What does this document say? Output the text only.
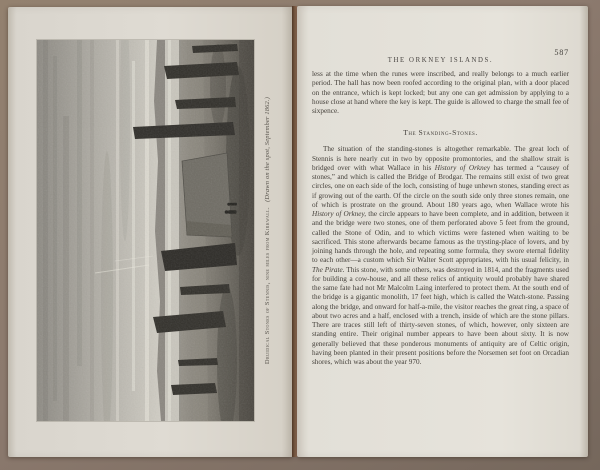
Druidical Stones of Stennis, nine miles from Kirkwall.(Drawn on the spot, September 1862.)
THE ORKNEY ISLANDS.
587

less at the time when the runes were inscribed, and really belongs to a much earlier period. The hall has now been roofed according to the original plan, with a door placed on the entrance, which is kept locked; but any one can get admission by applying to a house close at hand where the key is kept. The guide is allowed to charge the small fee of sixpence.

The Standing-Stones.

The situation of the standing-stones is altogether remarkable. The great loch of Stennis is here nearly cut in two by opposite promontories, and the shallow strait is bridged over with what Wallace in his History of Orkney has termed a “causey of stones,” and which is called the Bridge of Brodgar. The remains still exist of two great circles, one on each side of the loch, consisting of huge unhewn stones, standing erect as if growing out of the earth. Of the circle on the south side only three stones remain, one of which is prostrate on the ground. About 180 years ago, when Wallace wrote his History of Orkney, the circle appears to have been complete, and in addition, between it and the bridge were two stones, one of them perforated above 5 feet from the ground, called the Stone of Odin, and to which victims were fastened when waiting to be sacrificed. This stone afterwards became famous as the trysting-place of lovers, and by joining hands through the hole, and repeating some formula, they swore eternal fidelity to each other—a custom which Sir Walter Scott appropriates, with his usual felicity, in The Pirate. This stone, with some others, was destroyed in 1814, and the fragments used for building a cow-house, and all these relics of antiquity would probably have shared the same fate had not Mr Malcolm Laing interfered to protect them. At the south end of the bridge is a gigantic monolith, 17 feet high, which is called the Watch-stone. Passing along the bridge, and onward for half-a-mile, the visitor reaches the great ring, a space of about two acres and a half, enclosed with a trench, inside of which are the stone pillars. There are traces still left of thirty-seven stones, of which, however, only sixteen are standing entire. Their original number appears to have been about sixty. It is now generally believed that these ponderous monuments of antiquity are of Celtic origin, having been planted in their present positions before the Norsemen set foot on Orcadian shores, which was about the year 970.
